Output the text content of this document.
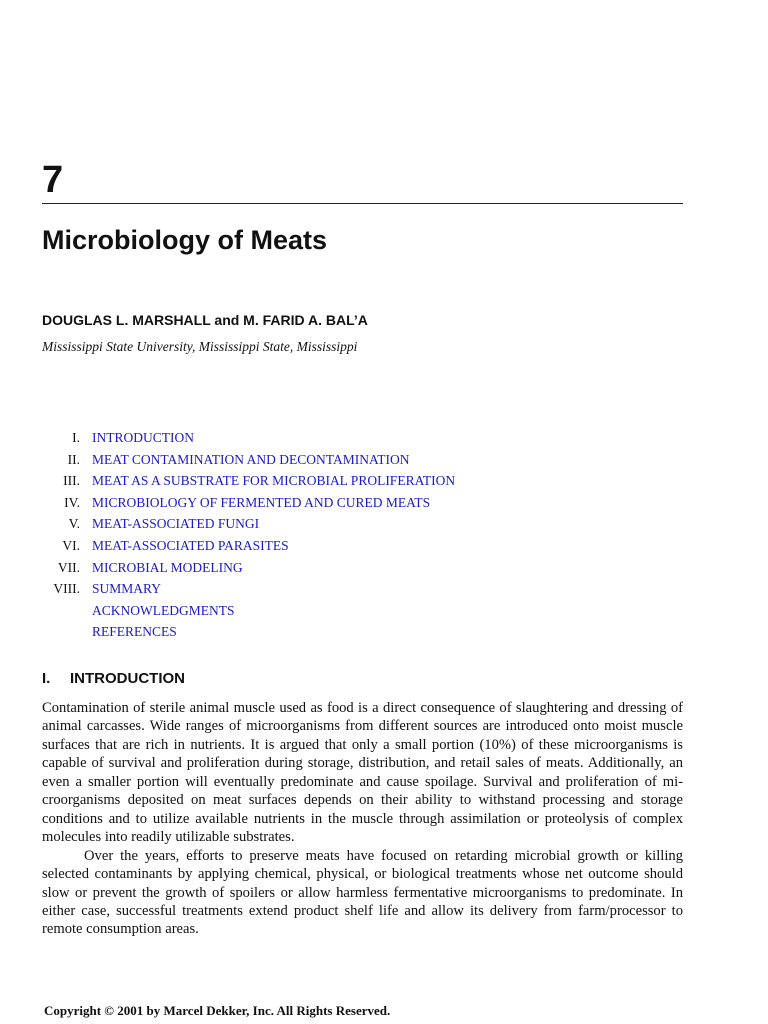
7
Microbiology of Meats
DOUGLAS L. MARSHALL and M. FARID A. BAL’A
Mississippi State University, Mississippi State, Mississippi
I. INTRODUCTION
II. MEAT CONTAMINATION AND DECONTAMINATION
III. MEAT AS A SUBSTRATE FOR MICROBIAL PROLIFERATION
IV. MICROBIOLOGY OF FERMENTED AND CURED MEATS
V. MEAT-ASSOCIATED FUNGI
VI. MEAT-ASSOCIATED PARASITES
VII. MICROBIAL MODELING
VIII. SUMMARY
ACKNOWLEDGMENTS
REFERENCES
I. INTRODUCTION

Contamination of sterile animal muscle used as food is a direct consequence of slaughtering and dressing of animal carcasses. Wide ranges of microorganisms from different sources are introduced onto moist muscle surfaces that are rich in nutrients. It is argued that only a small portion (10%) of these microorganisms is capable of survival and proliferation during storage, distribution, and retail sales of meats. Additionally, an even a smaller portion will eventually predominate and cause spoilage. Survival and proliferation of microorganisms deposited on meat surfaces depends on their ability to withstand processing and storage conditions and to utilize available nutrients in the muscle through assimilation or proteolysis of complex molecules into readily utilizable substrates.

Over the years, efforts to preserve meats have focused on retarding microbial growth or killing selected contaminants by applying chemical, physical, or biological treatments whose net outcome should slow or prevent the growth of spoilers or allow harmless fermentative microorganisms to predominate. In either case, successful treatments extend product shelf life and allow its delivery from farm/processor to remote consumption areas.

Copyright © 2001 by Marcel Dekker, Inc. All Rights Reserved.
